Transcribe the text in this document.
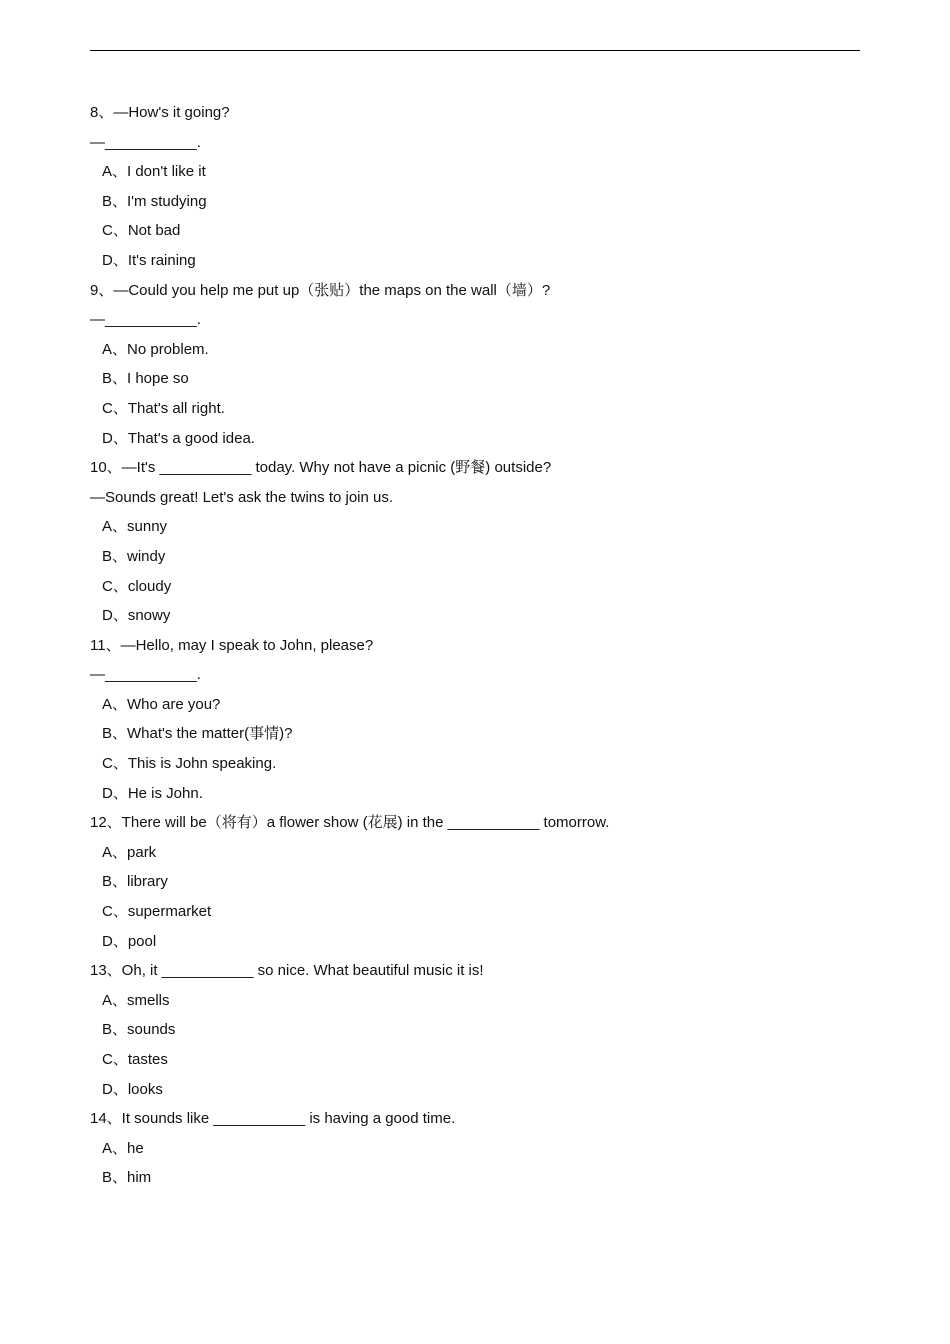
8、—How's it going?
—___________.
A、I don't like it
B、I'm studying
C、Not bad
D、It's raining
9、—Could you help me put up（张贴）the maps on the wall（墙）?
—___________.
A、No problem.
B、I hope so
C、That's all right.
D、That's a good idea.
10、—It's ___________ today. Why not have a picnic (野餐) outside?
—Sounds great! Let's ask the twins to join us.
A、sunny
B、windy
C、cloudy
D、snowy
11、—Hello, may I speak to John, please?
—___________.
A、Who are you?
B、What's the matter(事情)?
C、This is John speaking.
D、He is John.
12、There will be（将有）a flower show (花展) in the ___________ tomorrow.
A、park
B、library
C、supermarket
D、pool
13、Oh, it ___________ so nice. What beautiful music it is!
A、smells
B、sounds
C、tastes
D、looks
14、It sounds like ___________ is having a good time.
A、he
B、him
